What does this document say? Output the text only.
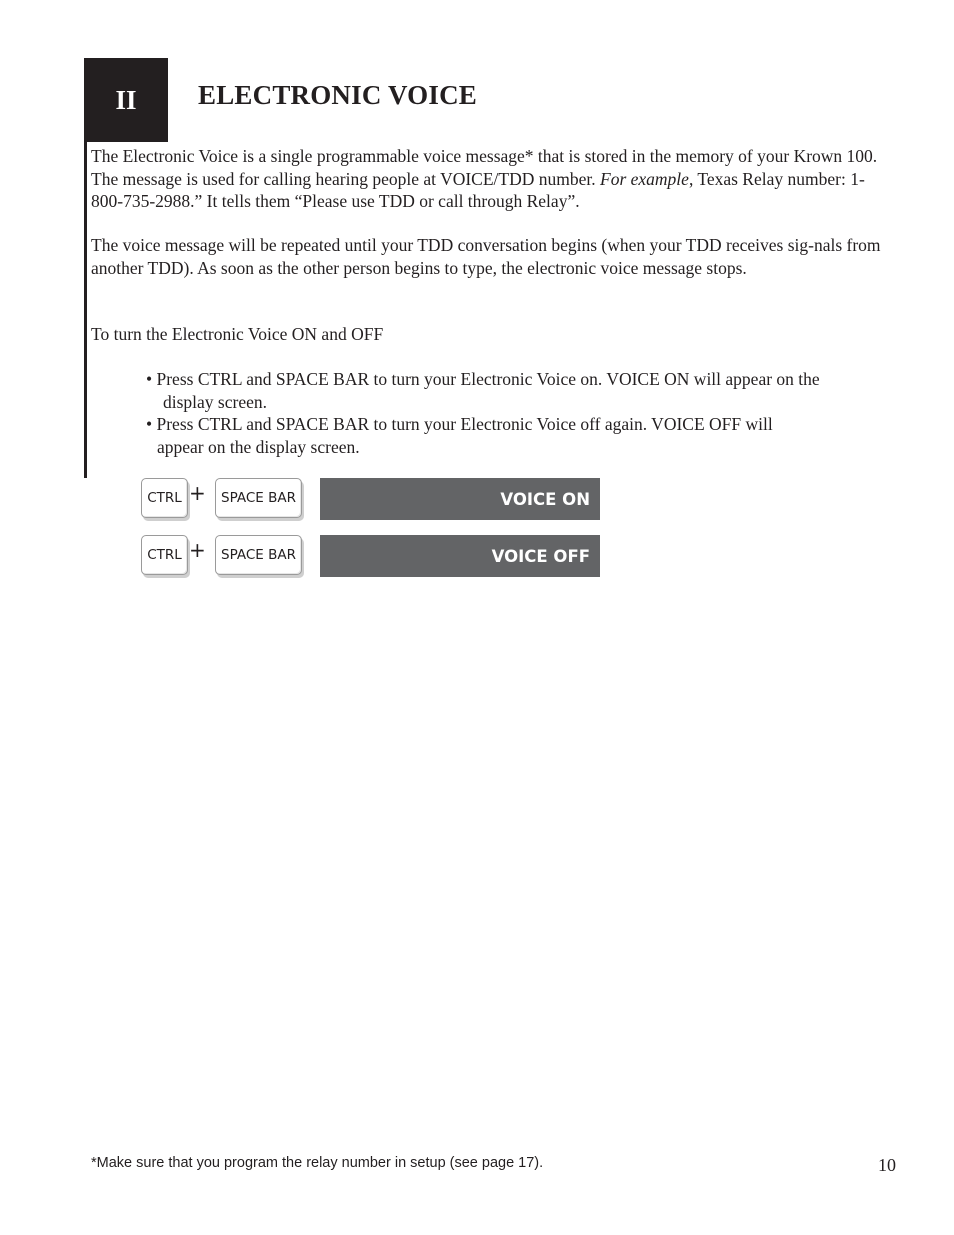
II ELECTRONIC VOICE

The Electronic Voice is a single programmable voice message* that is stored in the memory of your Krown 100. The message is used for calling hearing people at VOICE/TDD number. For example, Texas Relay number: 1-800-735-2988.” It tells them “Please use TDD or call through Relay”.

The voice message will be repeated until your TDD conversation begins (when your TDD receives sig-nals from another TDD). As soon as the other person begins to type, the electronic voice message stops.

To turn the Electronic Voice ON and OFF

• Press CTRL and SPACE BAR to turn your Electronic Voice on. VOICE ON will appear on the
display screen.
• Press CTRL and SPACE BAR to turn your Electronic Voice off again. VOICE OFF will
appear on the display screen.
CTRL +	SPACE BAR	VOICE ON
CTRL +	SPACE BAR	VOICE OFF
*Make sure that you program the relay number in setup (see page 17).	10
